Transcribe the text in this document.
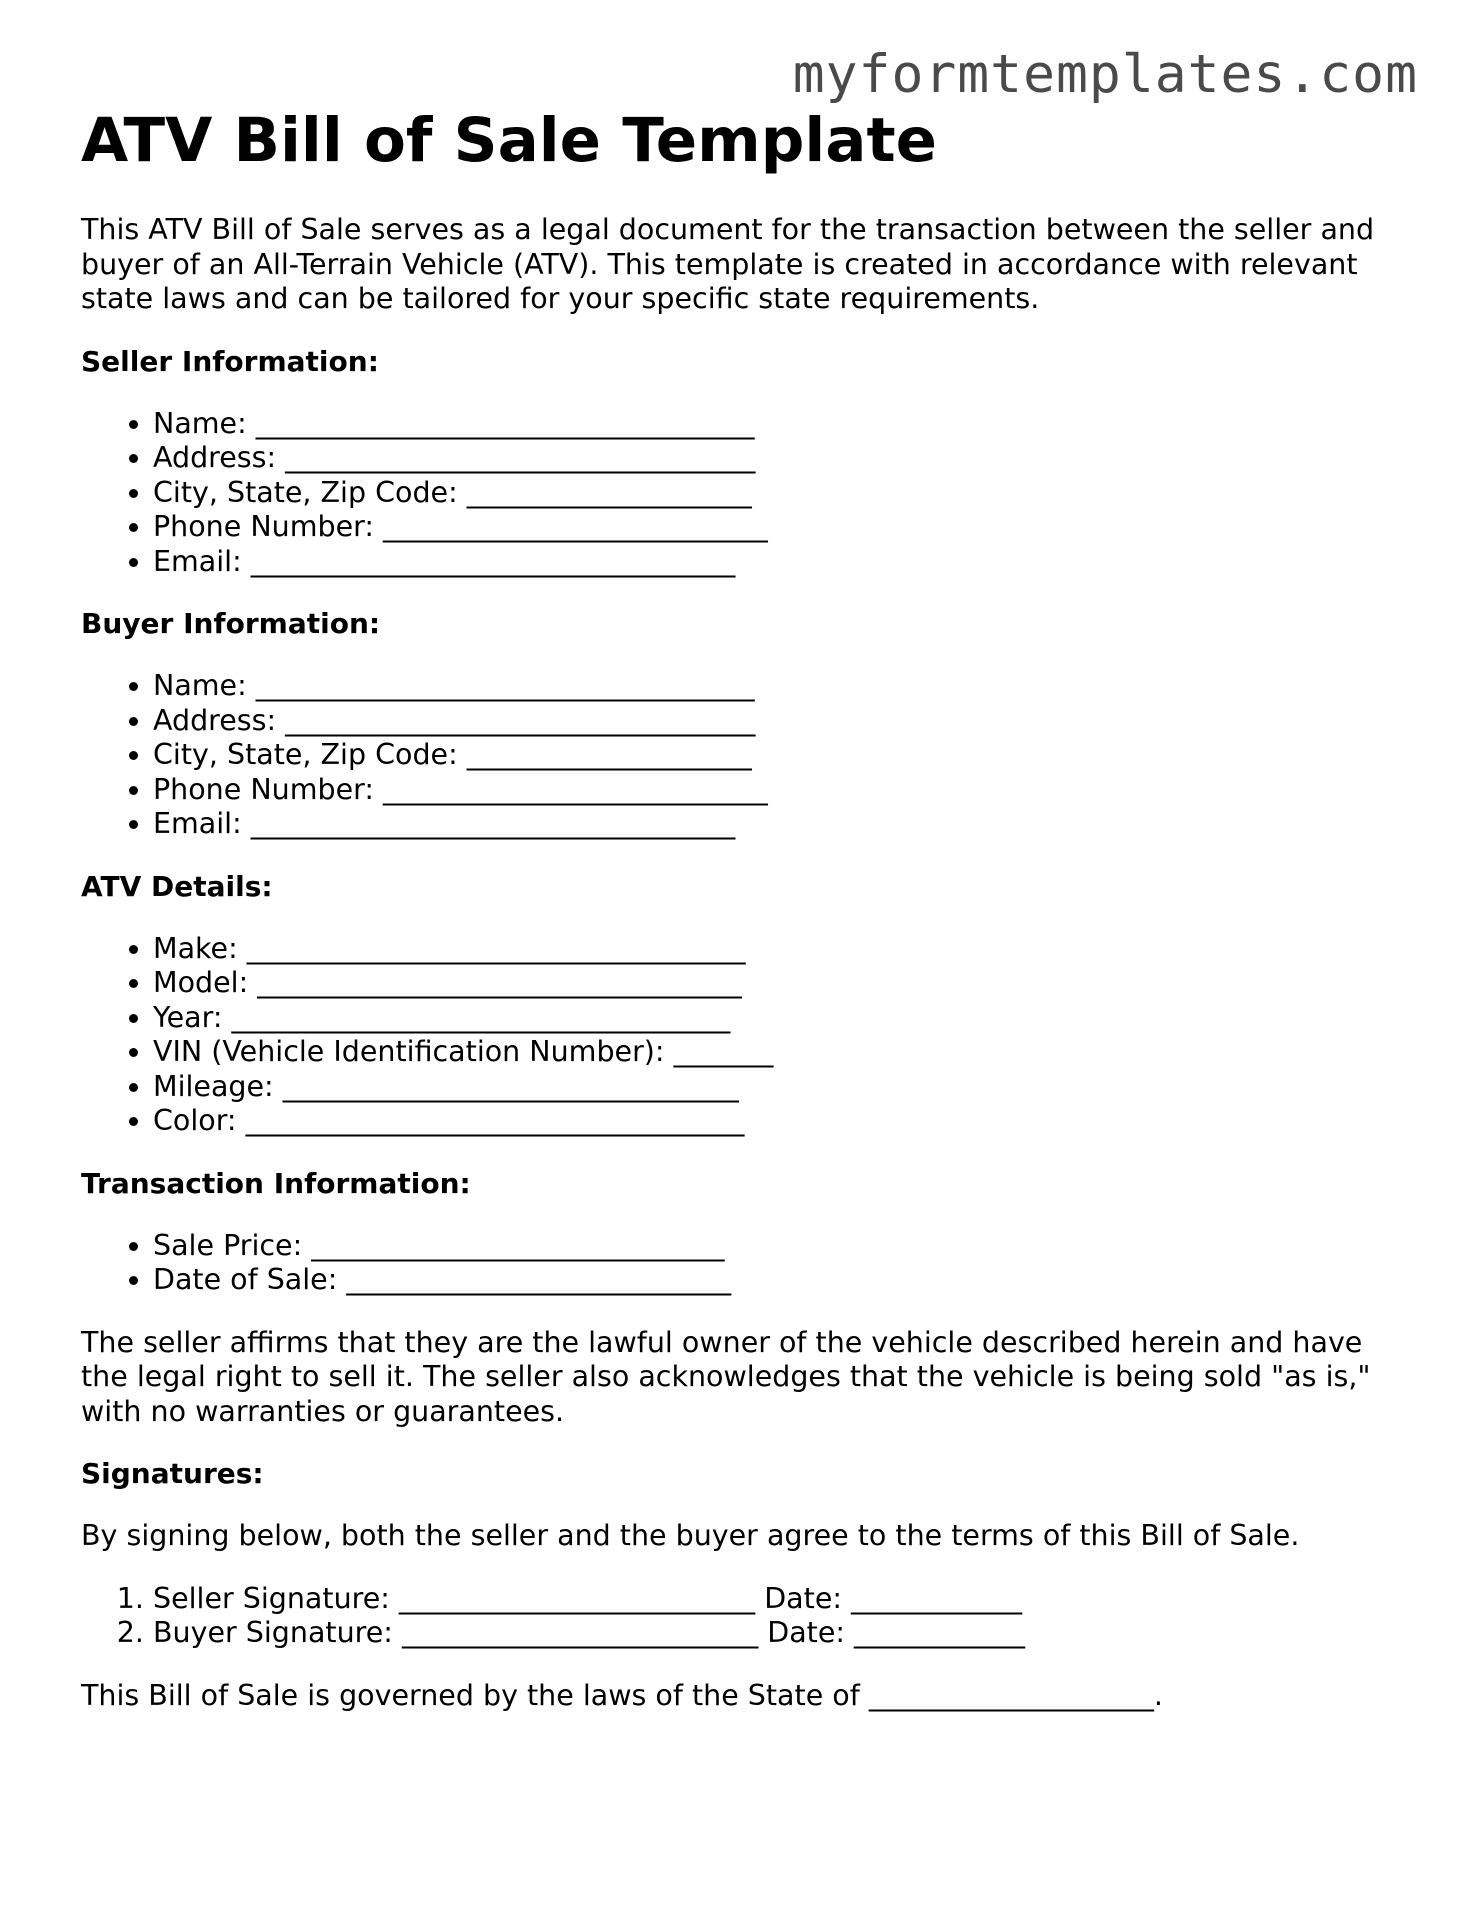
myformtemplates.com
ATV Bill of Sale Template

This ATV Bill of Sale serves as a legal document for the transaction between the seller and buyer of an All-Terrain Vehicle (ATV). This template is created in accordance with relevant state laws and can be tailored for your specific state requirements.

Seller Information:
• Name: ___________________________________
• Address: _________________________________
• City, State, Zip Code: ____________________
• Phone Number: ___________________________
• Email: __________________________________
Buyer Information:
• Name: ___________________________________
• Address: _________________________________
• City, State, Zip Code: ____________________
• Phone Number: ___________________________
• Email: __________________________________
ATV Details:
• Make: ___________________________________
• Model: __________________________________
• Year: ___________________________________
• VIN (Vehicle Identification Number): _______
• Mileage: ________________________________
• Color: ___________________________________
Transaction Information:
• Sale Price: _____________________________
• Date of Sale: ___________________________

The seller affirms that they are the lawful owner of the vehicle described herein and have the legal right to sell it. The seller also acknowledges that the vehicle is being sold "as is," with no warranties or guarantees.

Signatures:

By signing below, both the seller and the buyer agree to the terms of this Bill of Sale.

1. Seller Signature: _________________________ Date: ____________
2. Buyer Signature: _________________________ Date: ____________

This Bill of Sale is governed by the laws of the State of ____________________.
